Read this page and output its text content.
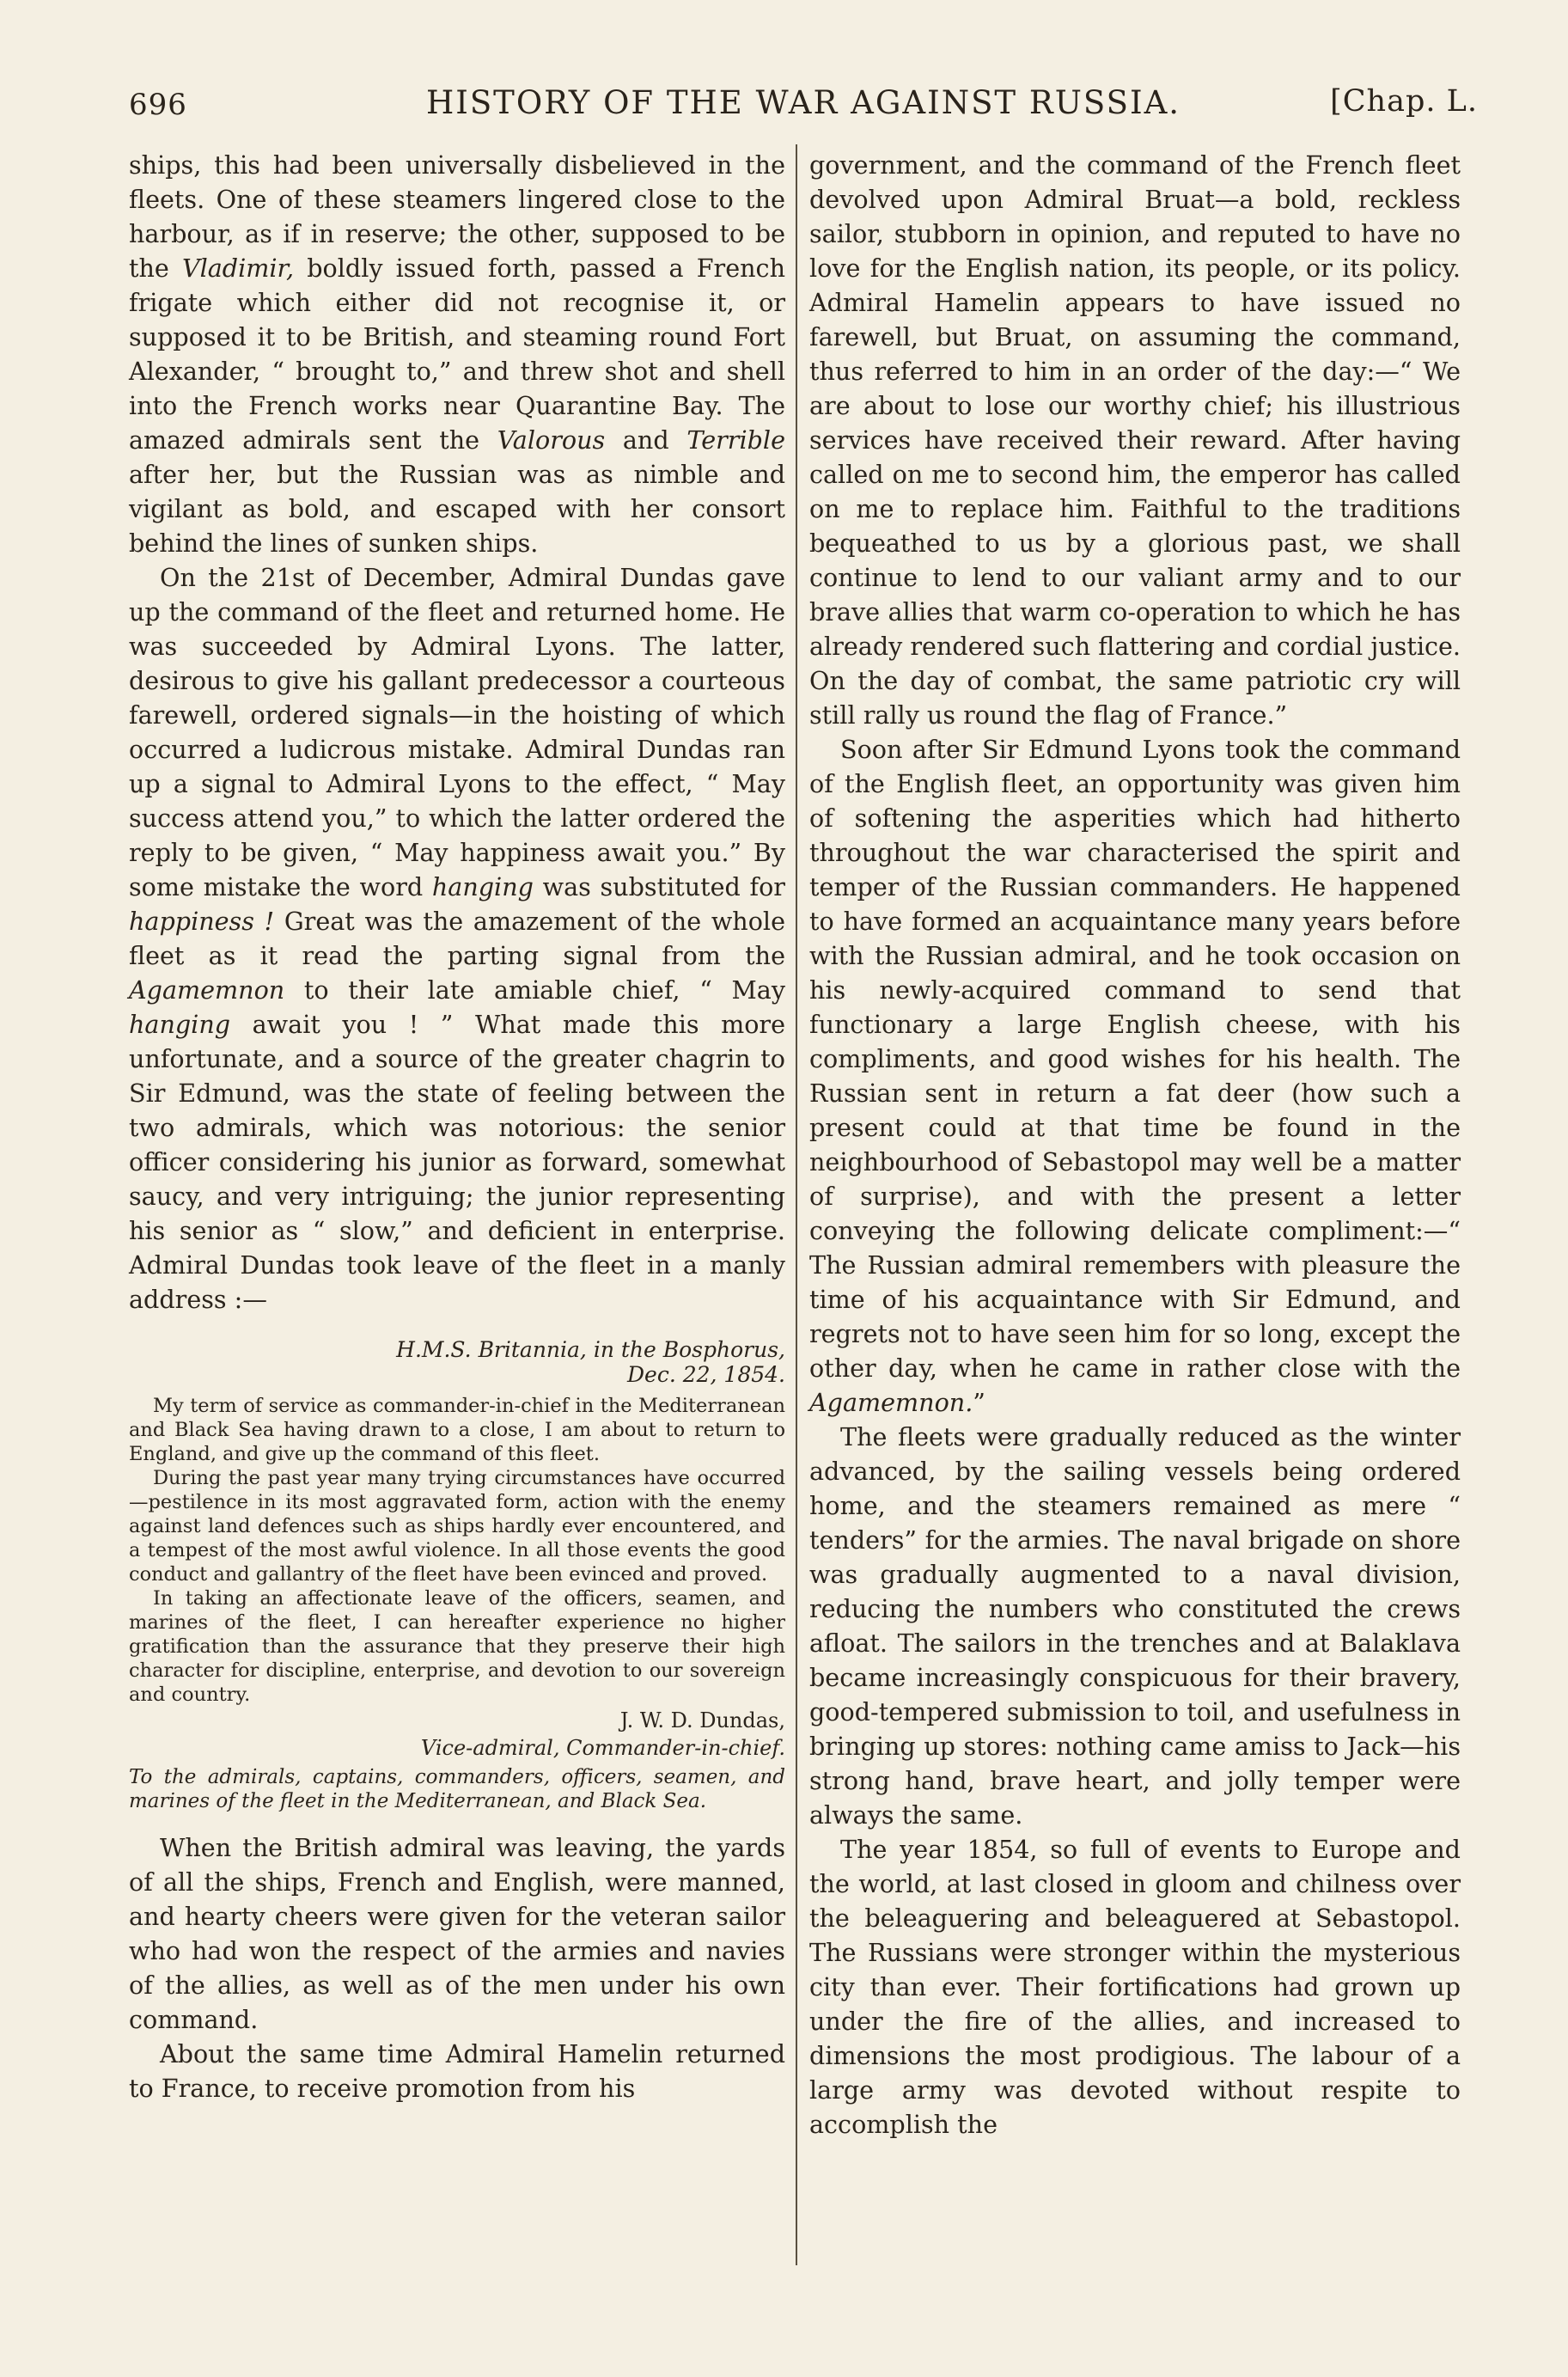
696	HISTORY OF THE WAR AGAINST RUSSIA.	[Chap. L.

ships, this had been universally disbelieved in the fleets. One of these steamers lingered close to the harbour, as if in reserve; the other, supposed to be the Vladimir, boldly issued forth, passed a French frigate which either did not recognise it, or supposed it to be British, and steaming round Fort Alexander, “ brought to,” and threw shot and shell into the French works near Quarantine Bay. The amazed admirals sent the Valorous and Terrible after her, but the Russian was as nimble and vigilant as bold, and escaped with her consort behind the lines of sunken ships.

On the 21st of December, Admiral Dundas gave up the command of the fleet and returned home. He was succeeded by Admiral Lyons. The latter, desirous to give his gallant predecessor a courteous farewell, ordered signals—in the hoisting of which occurred a ludicrous mistake. Admiral Dundas ran up a signal to Admiral Lyons to the effect, “ May success attend you,” to which the latter ordered the reply to be given, “ May happiness await you.” By some mistake the word hanging was substituted for happiness ! Great was the amazement of the whole fleet as it read the parting signal from the Agamemnon to their late amiable chief, “ May hanging await you ! ” What made this more unfortunate, and a source of the greater chagrin to Sir Edmund, was the state of feeling between the two admirals, which was notorious: the senior officer considering his junior as forward, somewhat saucy, and very intriguing; the junior representing his senior as “ slow,” and deficient in enterprise. Admiral Dundas took leave of the fleet in a manly address :—

H.M.S. Britannia, in the Bosphorus,
Dec. 22, 1854.

My term of service as commander-in-chief in the Mediterranean and Black Sea having drawn to a close, I am about to return to England, and give up the command of this fleet.

During the past year many trying circumstances have occurred—pestilence in its most aggravated form, action with the enemy against land defences such as ships hardly ever encountered, and a tempest of the most awful violence. In all those events the good conduct and gallantry of the fleet have been evinced and proved.

In taking an affectionate leave of the officers, seamen, and marines of the fleet, I can hereafter experience no higher gratification than the assurance that they preserve their high character for discipline, enterprise, and devotion to our sovereign and country.

J. W. D. Dundas,
Vice-admiral, Commander-in-chief.

To the admirals, captains, commanders, officers, seamen, and marines of the fleet in the Mediterranean, and Black Sea.

When the British admiral was leaving, the yards of all the ships, French and English, were manned, and hearty cheers were given for the veteran sailor who had won the respect of the armies and navies of the allies, as well as of the men under his own command.

About the same time Admiral Hamelin returned to France, to receive promotion from his

government, and the command of the French fleet devolved upon Admiral Bruat—a bold, reckless sailor, stubborn in opinion, and reputed to have no love for the English nation, its people, or its policy. Admiral Hamelin appears to have issued no farewell, but Bruat, on assuming the command, thus referred to him in an order of the day:—“ We are about to lose our worthy chief; his illustrious services have received their reward. After having called on me to second him, the emperor has called on me to replace him. Faithful to the traditions bequeathed to us by a glorious past, we shall continue to lend to our valiant army and to our brave allies that warm co-operation to which he has already rendered such flattering and cordial justice. On the day of combat, the same patriotic cry will still rally us round the flag of France.”

Soon after Sir Edmund Lyons took the command of the English fleet, an opportunity was given him of softening the asperities which had hitherto throughout the war characterised the spirit and temper of the Russian commanders. He happened to have formed an acquaintance many years before with the Russian admiral, and he took occasion on his newly-acquired command to send that functionary a large English cheese, with his compliments, and good wishes for his health. The Russian sent in return a fat deer (how such a present could at that time be found in the neighbourhood of Sebastopol may well be a matter of surprise), and with the present a letter conveying the following delicate compliment:—“ The Russian admiral remembers with pleasure the time of his acquaintance with Sir Edmund, and regrets not to have seen him for so long, except the other day, when he came in rather close with the Agamemnon.”

The fleets were gradually reduced as the winter advanced, by the sailing vessels being ordered home, and the steamers remained as mere “ tenders” for the armies. The naval brigade on shore was gradually augmented to a naval division, reducing the numbers who constituted the crews afloat. The sailors in the trenches and at Balaklava became increasingly conspicuous for their bravery, good-tempered submission to toil, and usefulness in bringing up stores: nothing came amiss to Jack—his strong hand, brave heart, and jolly temper were always the same.

The year 1854, so full of events to Europe and the world, at last closed in gloom and chilness over the beleaguering and beleaguered at Sebastopol. The Russians were stronger within the mysterious city than ever. Their fortifications had grown up under the fire of the allies, and increased to dimensions the most prodigious. The labour of a large army was devoted without respite to accomplish the
